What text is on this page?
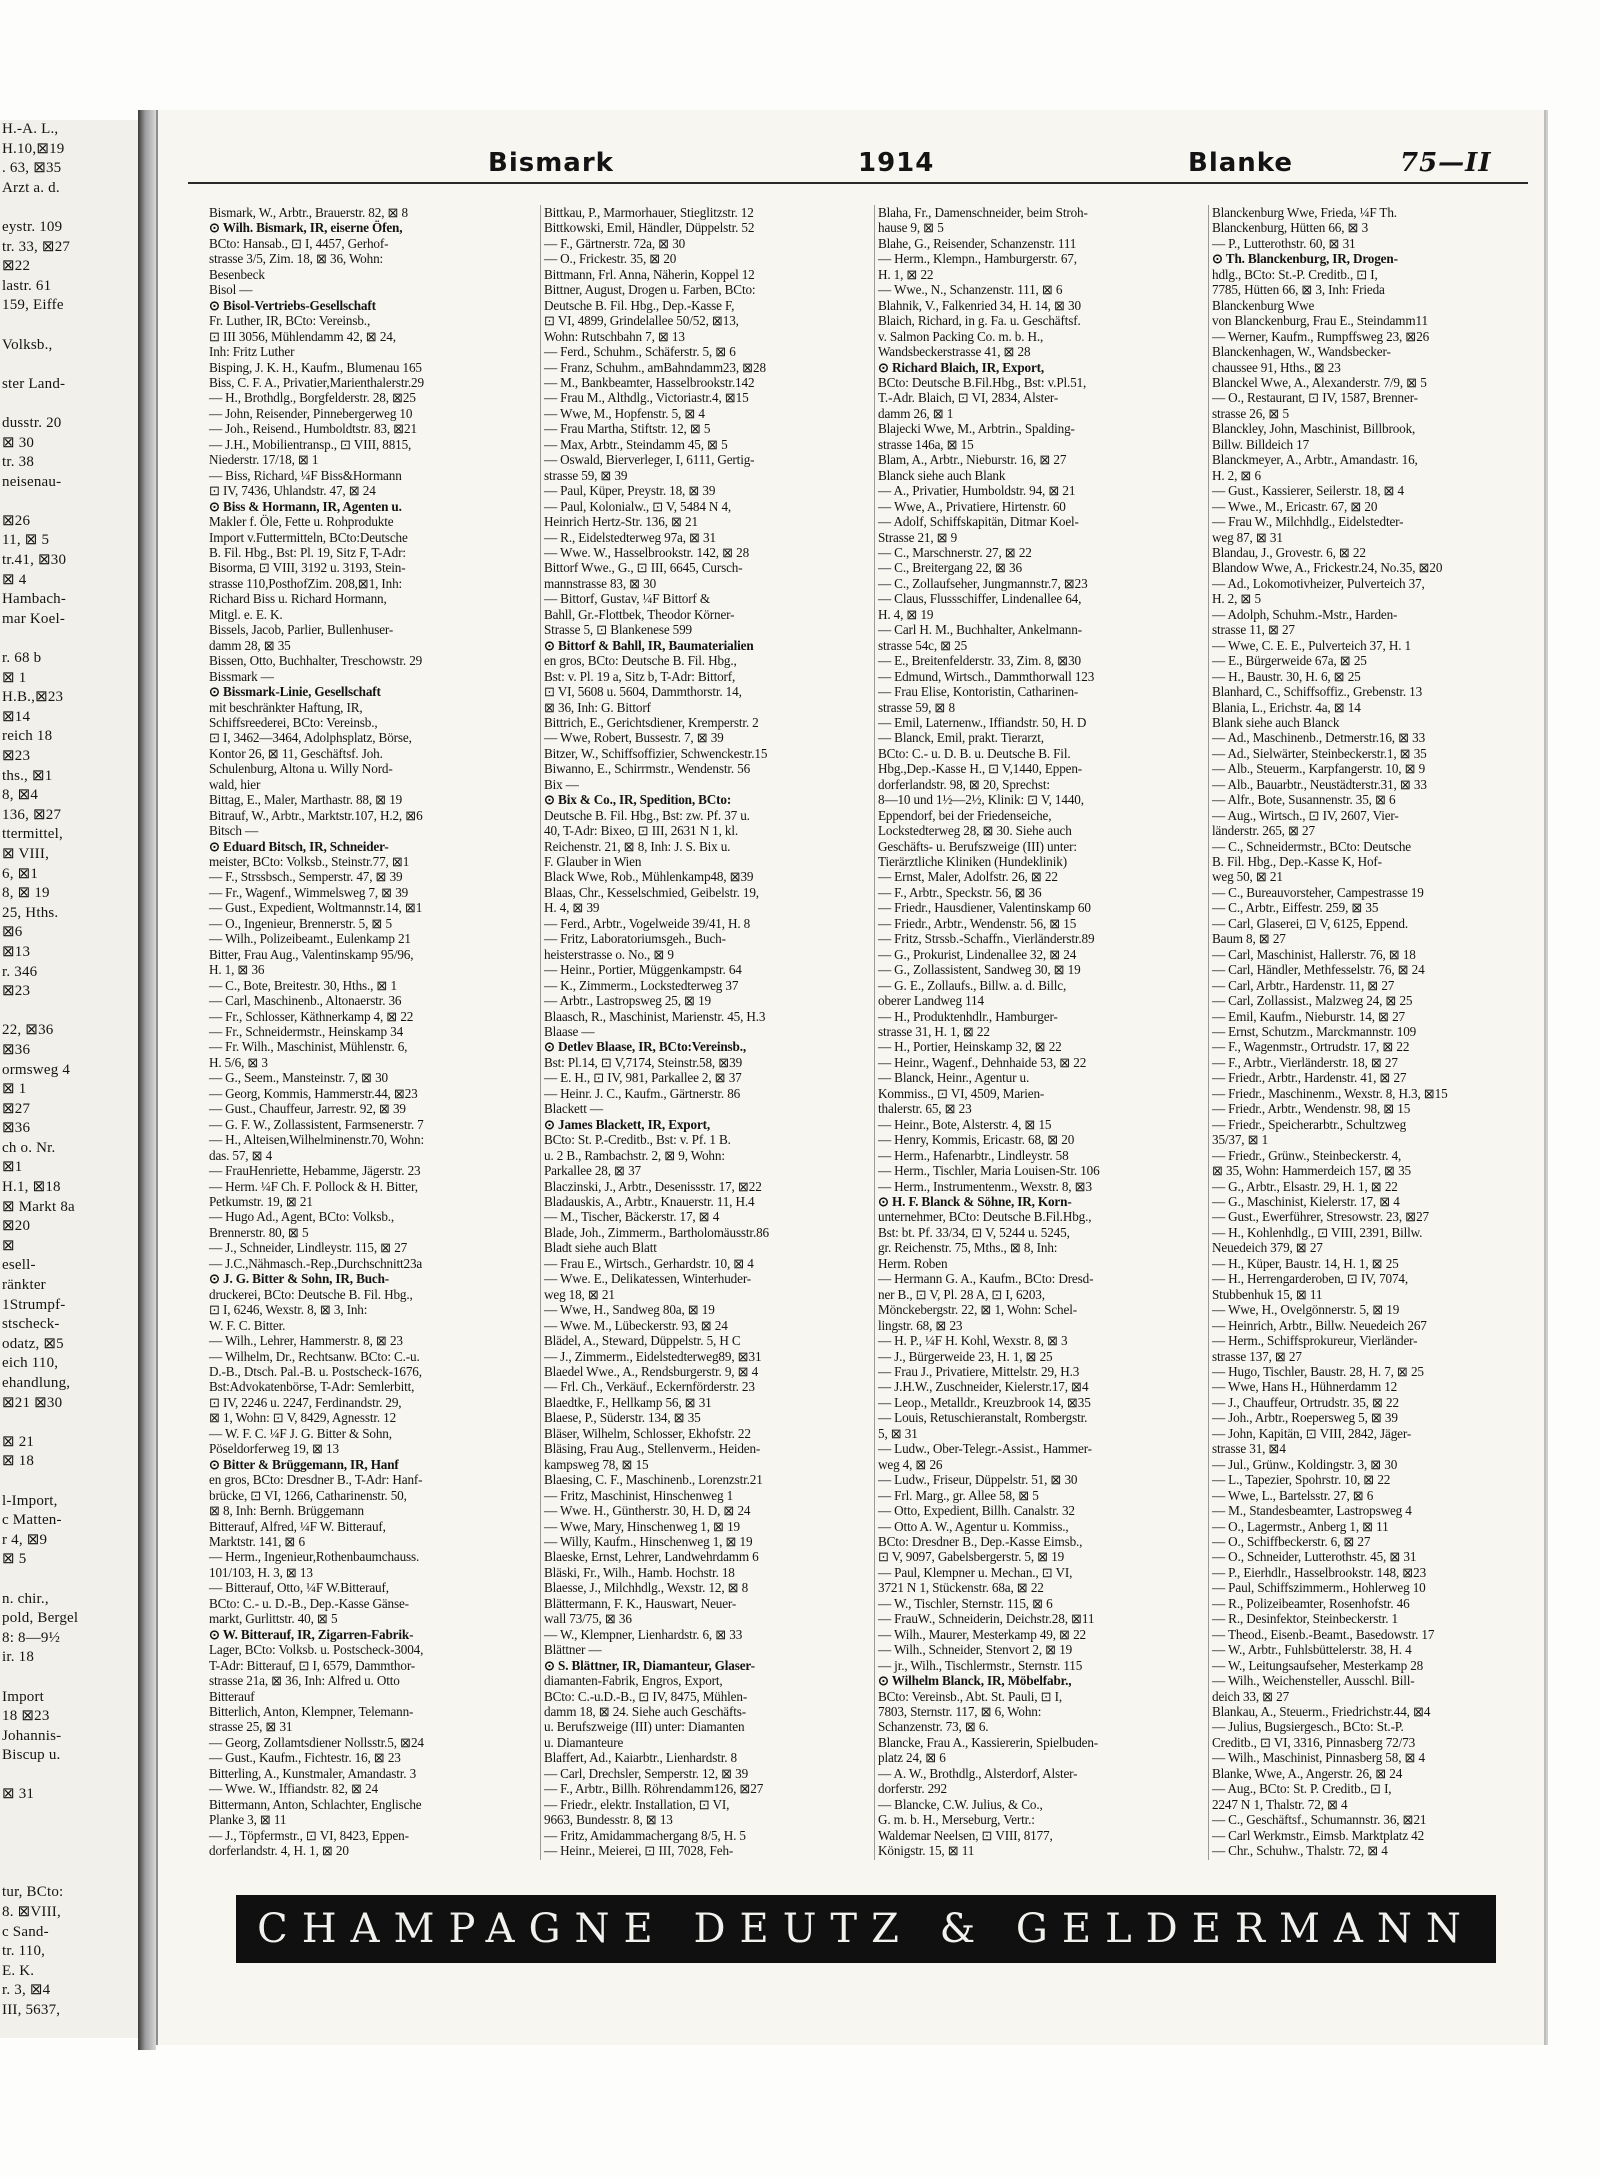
H.-A. L.,
H.10,⊠19
. 63, ⊠35
Arzt a. d.

eystr. 109
tr. 33, ⊠27
⊠22
lastr. 61
159, Eiffe

Volksb.,

ster Land-

dusstr. 20
⊠ 30
tr. 38
neisenau-

⊠26
11, ⊠ 5
tr.41, ⊠30
⊠ 4
Hambach-
mar Koel-

r. 68 b
⊠ 1
H.B.,⊠23
⊠14
reich 18
⊠23
ths., ⊠1
8, ⊠4
136, ⊠27
ttermittel,
⊠ VIII,
6, ⊠1
8, ⊠ 19
25, Hths.
⊠6
⊠13
r. 346
⊠23

22, ⊠36
⊠36
ormsweg 4
⊠ 1
⊠27
⊠36
ch o. Nr.
⊠1
H.1, ⊠18
⊠ Markt 8a
⊠20
⊠
esell-
ränkter
1Strumpf-
stscheck-
odatz, ⊠5
eich 110,
ehandlung,
⊠21 ⊠30

⊠ 21
⊠ 18

l-Import,
c Matten-
r 4, ⊠9
⊠ 5

n. chir.,
pold, Bergel
8: 8—9½
ir. 18

Import
18 ⊠23
Johannis-
Biscup u.

⊠ 31

tur, BCto:
8. ⊠VIII,
c Sand-
tr. 110,
E. K.
r. 3, ⊠4
III, 5637,

Bismark	1914	Blanke	75—II
Bismark, W., Arbtr., Brauerstr. 82, ⊠ 8
⊙ Wilh. Bismark, IR, eiserne Öfen,
BCto: Hansab., ⊡ I, 4457, Gerhof-
strasse 3/5, Zim. 18, ⊠ 36, Wohn:
Besenbeck
Bisol —
⊙ Bisol-Vertriebs-Gesellschaft
Fr. Luther, IR, BCto: Vereinsb.,
⊡ III 3056, Mühlendamm 42, ⊠ 24,
Inh: Fritz Luther
Bisping, J. K. H., Kaufm., Blumenau 165
Biss, C. F. A., Privatier,Marienthalerstr.29
— H., Brothdlg., Borgfelderstr. 28, ⊠25
— John, Reisender, Pinnebergerweg 10
— Joh., Reisend., Humboldtstr. 83, ⊠21
— J.H., Mobilientransp., ⊡ VIII, 8815,
Niederstr. 17/18, ⊠ 1
— Biss, Richard, ¼F Biss&Hormann
⊡ IV, 7436, Uhlandstr. 47, ⊠ 24
⊙ Biss & Hormann, IR, Agenten u.
Makler f. Öle, Fette u. Rohprodukte
Import v.Futtermitteln, BCto:Deutsche
B. Fil. Hbg., Bst: Pl. 19, Sitz F, T-Adr:
Bisorma, ⊡ VIII, 3192 u. 3193, Stein-
strasse 110,PosthofZim. 208,⊠1, Inh:
Richard Biss u. Richard Hormann,
Mitgl. e. E. K.
Bissels, Jacob, Parlier, Bullenhuser-
damm 28, ⊠ 35
Bissen, Otto, Buchhalter, Treschowstr. 29
Bissmark —
⊙ Bissmark-Linie, Gesellschaft
mit beschränkter Haftung, IR,
Schiffsreederei, BCto: Vereinsb.,
⊡ I, 3462—3464, Adolphsplatz, Börse,
Kontor 26, ⊠ 11, Geschäftsf. Joh.
Schulenburg, Altona u. Willy Nord-
wald, hier
Bittag, E., Maler, Marthastr. 88, ⊠ 19
Bitrauf, W., Arbtr., Marktstr.107, H.2, ⊠6
Bitsch —
⊙ Eduard Bitsch, IR, Schneider-
meister, BCto: Volksb., Steinstr.77, ⊠1
— F., Strssbsch., Semperstr. 47, ⊠ 39
— Fr., Wagenf., Wimmelsweg 7, ⊠ 39
— Gust., Expedient, Woltmannstr.14, ⊠1
— O., Ingenieur, Brennerstr. 5, ⊠ 5
— Wilh., Polizeibeamt., Eulenkamp 21
Bitter, Frau Aug., Valentinskamp 95/96,
H. 1, ⊠ 36
— C., Bote, Breitestr. 30, Hths., ⊠ 1
— Carl, Maschinenb., Altonaerstr. 36
— Fr., Schlosser, Käthnerkamp 4, ⊠ 22
— Fr., Schneidermstr., Heinskamp 34
— Fr. Wilh., Maschinist, Mühlenstr. 6,
H. 5/6, ⊠ 3
— G., Seem., Mansteinstr. 7, ⊠ 30
— Georg, Kommis, Hammerstr.44, ⊠23
— Gust., Chauffeur, Jarrestr. 92, ⊠ 39
— G. F. W., Zollassistent, Farmsenerstr. 7
— H., Alteisen,Wilhelminenstr.70, Wohn:
das. 57, ⊠ 4
— FrauHenriette, Hebamme, Jägerstr. 23
— Herm. ¼F Ch. F. Pollock & H. Bitter,
Petkumstr. 19, ⊠ 21
— Hugo Ad., Agent, BCto: Volksb.,
Brennerstr. 80, ⊠ 5
— J., Schneider, Lindleystr. 115, ⊠ 27
— J.C.,Nähmasch.-Rep.,Durchschnitt23a
⊙ J. G. Bitter & Sohn, IR, Buch-
druckerei, BCto: Deutsche B. Fil. Hbg.,
⊡ I, 6246, Wexstr. 8, ⊠ 3, Inh:
W. F. C. Bitter.
— Wilh., Lehrer, Hammerstr. 8, ⊠ 23
— Wilhelm, Dr., Rechtsanw. BCto: C.-u.
D.-B., Dtsch. Pal.-B. u. Postscheck-1676,
Bst:Advokatenbörse, T-Adr: Semlerbitt,
⊡ IV, 2246 u. 2247, Ferdinandstr. 29,
⊠ 1, Wohn: ⊡ V, 8429, Agnesstr. 12
— W. F. C. ¼F J. G. Bitter & Sohn,
Pöseldorferweg 19, ⊠ 13
⊙ Bitter & Brüggemann, IR, Hanf
en gros, BCto: Dresdner B., T-Adr: Hanf-
brücke, ⊡ VI, 1266, Catharinenstr. 50,
⊠ 8, Inh: Bernh. Brüggemann
Bitterauf, Alfred, ¼F W. Bitterauf,
Marktstr. 141, ⊠ 6
— Herm., Ingenieur,Rothenbaumchauss.
101/103, H. 3, ⊠ 13
— Bitterauf, Otto, ¼F W.Bitterauf,
BCto: C.- u. D.-B., Dep.-Kasse Gänse-
markt, Gurlittstr. 40, ⊠ 5
⊙ W. Bitterauf, IR, Zigarren-Fabrik-
Lager, BCto: Volksb. u. Postscheck-3004,
T-Adr: Bitterauf, ⊡ I, 6579, Dammthor-
strasse 21a, ⊠ 36, Inh: Alfred u. Otto
Bitterauf
Bitterlich, Anton, Klempner, Telemann-
strasse 25, ⊠ 31
— Georg, Zollamtsdiener Nollsstr.5, ⊠24
— Gust., Kaufm., Fichtestr. 16, ⊠ 23
Bitterling, A., Kunstmaler, Amandastr. 3
— Wwe. W., Iffiandstr. 82, ⊠ 24
Bittermann, Anton, Schlachter, Englische
Planke 3, ⊠ 11
— J., Töpfermstr., ⊡ VI, 8423, Eppen-
dorferlandstr. 4, H. 1, ⊠ 20
Bittkau, P., Marmorhauer, Stieglitzstr. 12
Bittkowski, Emil, Händler, Düppelstr. 52
— F., Gärtnerstr. 72a, ⊠ 30
— O., Frickestr. 35, ⊠ 20
Bittmann, Frl. Anna, Näherin, Koppel 12
Bittner, August, Drogen u. Farben, BCto:
Deutsche B. Fil. Hbg., Dep.-Kasse F,
⊡ VI, 4899, Grindelallee 50/52, ⊠13,
Wohn: Rutschbahn 7, ⊠ 13
— Ferd., Schuhm., Schäferstr. 5, ⊠ 6
— Franz, Schuhm., amBahndamm23, ⊠28
— M., Bankbeamter, Hasselbrookstr.142
— Frau M., Althdlg., Victoriastr.4, ⊠15
— Wwe, M., Hopfenstr. 5, ⊠ 4
— Frau Martha, Stiftstr. 12, ⊠ 5
— Max, Arbtr., Steindamm 45, ⊠ 5
— Oswald, Bierverleger, I, 6111, Gertig-
strasse 59, ⊠ 39
— Paul, Küper, Preystr. 18, ⊠ 39
— Paul, Kolonialw., ⊡ V, 5484 N 4,
Heinrich Hertz-Str. 136, ⊠ 21
— R., Eidelstedterweg 97a, ⊠ 31
— Wwe. W., Hasselbrookstr. 142, ⊠ 28
Bittorf Wwe., G., ⊡ III, 6645, Cursch-
mannstrasse 83, ⊠ 30
— Bittorf, Gustav, ¼F Bittorf &
Bahll, Gr.-Flottbek, Theodor Körner-
Strasse 5, ⊡ Blankenese 599
⊙ Bittorf & Bahll, IR, Baumaterialien
en gros, BCto: Deutsche B. Fil. Hbg.,
Bst: v. Pl. 19 a, Sitz b, T-Adr: Bittorf,
⊡ VI, 5608 u. 5604, Dammthorstr. 14,
⊠ 36, Inh: G. Bittorf
Bittrich, E., Gerichtsdiener, Kremperstr. 2
— Wwe, Robert, Bussestr. 7, ⊠ 39
Bitzer, W., Schiffsoffizier, Schwenckestr.15
Biwanno, E., Schirrmstr., Wendenstr. 56
Bix —
⊙ Bix & Co., IR, Spedition, BCto:
Deutsche B. Fil. Hbg., Bst: zw. Pf. 37 u.
40, T-Adr: Bixeo, ⊡ III, 2631 N 1, kl.
Reichenstr. 21, ⊠ 8, Inh: J. S. Bix u.
F. Glauber in Wien
Black Wwe, Rob., Mühlenkamp48, ⊠39
Blaas, Chr., Kesselschmied, Geibelstr. 19,
H. 4, ⊠ 39
— Ferd., Arbtr., Vogelweide 39/41, H. 8
— Fritz, Laboratoriumsgeh., Buch-
heisterstrasse o. No., ⊠ 9
— Heinr., Portier, Müggenkampstr. 64
— K., Zimmerm., Lockstedterweg 37
— Arbtr., Lastropsweg 25, ⊠ 19
Blaasch, R., Maschinist, Marienstr. 45, H.3
Blaase —
⊙ Detlev Blaase, IR, BCto:Vereinsb.,
Bst: Pl.14, ⊡ V,7174, Steinstr.58, ⊠39
— E. H., ⊡ IV, 981, Parkallee 2, ⊠ 37
— Heinr. J. C., Kaufm., Gärtnerstr. 86
Blackett —
⊙ James Blackett, IR, Export,
BCto: St. P.-Creditb., Bst: v. Pf. 1 B.
u. 2 B., Rambachstr. 2, ⊠ 9, Wohn:
Parkallee 28, ⊠ 37
Blaczinski, J., Arbtr., Desenissstr. 17, ⊠22
Bladauskis, A., Arbtr., Knauerstr. 11, H.4
— M., Tischer, Bäckerstr. 17, ⊠ 4
Blade, Joh., Zimmerm., Bartholomäusstr.86
Bladt siehe auch Blatt
— Frau E., Wirtsch., Gerhardstr. 10, ⊠ 4
— Wwe. E., Delikatessen, Winterhuder-
weg 18, ⊠ 21
— Wwe, H., Sandweg 80a, ⊠ 19
— Wwe. M., Lübeckerstr. 93, ⊠ 24
Blädel, A., Steward, Düppelstr. 5, H C
— J., Zimmerm., Eidelstedterweg89, ⊠31
Blaedel Wwe., A., Rendsburgerstr. 9, ⊠ 4
— Frl. Ch., Verkäuf., Eckernförderstr. 23
Blaedtke, F., Hellkamp 56, ⊠ 31
Blaese, P., Süderstr. 134, ⊠ 35
Bläser, Wilhelm, Schlosser, Ekhofstr. 22
Bläsing, Frau Aug., Stellenverm., Heiden-
kampsweg 78, ⊠ 15
Blaesing, C. F., Maschinenb., Lorenzstr.21
— Fritz, Maschinist, Hinschenweg 1
— Wwe. H., Güntherstr. 30, H. D, ⊠ 24
— Wwe, Mary, Hinschenweg 1, ⊠ 19
— Willy, Kaufm., Hinschenweg 1, ⊠ 19
Blaeske, Ernst, Lehrer, Landwehrdamm 6
Bläski, Fr., Wilh., Hamb. Hochstr. 18
Blaesse, J., Milchhdlg., Wexstr. 12, ⊠ 8
Blättermann, F. K., Hauswart, Neuer-
wall 73/75, ⊠ 36
— W., Klempner, Lienhardstr. 6, ⊠ 33
Blättner —
⊙ S. Blättner, IR, Diamanteur, Glaser-
diamanten-Fabrik, Engros, Export,
BCto: C.-u.D.-B., ⊡ IV, 8475, Mühlen-
damm 18, ⊠ 24. Siehe auch Geschäfts-
u. Berufszweige (III) unter: Diamanten
u. Diamanteure
Blaffert, Ad., Kaiarbtr., Lienhardstr. 8
— Carl, Drechsler, Semperstr. 12, ⊠ 39
— F., Arbtr., Billh. Röhrendamm126, ⊠27
— Friedr., elektr. Installation, ⊡ VI,
9663, Bundesstr. 8, ⊠ 13
— Fritz, Amidammachergang 8/5, H. 5
— Heinr., Meierei, ⊡ III, 7028, Feh-
Blaha, Fr., Damenschneider, beim Stroh-
hause 9, ⊠ 5
Blahe, G., Reisender, Schanzenstr. 111
— Herm., Klempn., Hamburgerstr. 67,
H. 1, ⊠ 22
— Wwe., N., Schanzenstr. 111, ⊠ 6
Blahnik, V., Falkenried 34, H. 14, ⊠ 30
Blaich, Richard, in g. Fa. u. Geschäftsf.
v. Salmon Packing Co. m. b. H.,
Wandsbeckerstrasse 41, ⊠ 28
⊙ Richard Blaich, IR, Export,
BCto: Deutsche B.Fil.Hbg., Bst: v.Pl.51,
T.-Adr. Blaich, ⊡ VI, 2834, Alster-
damm 26, ⊠ 1
Blajecki Wwe, M., Arbtrin., Spalding-
strasse 146a, ⊠ 15
Blam, A., Arbtr., Nieburstr. 16, ⊠ 27
Blanck siehe auch Blank
— A., Privatier, Humboldstr. 94, ⊠ 21
— Wwe, A., Privatiere, Hirtenstr. 60
— Adolf, Schiffskapitän, Ditmar Koel-
Strasse 21, ⊠ 9
— C., Marschnerstr. 27, ⊠ 22
— C., Breitergang 22, ⊠ 36
— C., Zollaufseher, Jungmannstr.7, ⊠23
— Claus, Flussschiffer, Lindenallee 64,
H. 4, ⊠ 19
— Carl H. M., Buchhalter, Ankelmann-
strasse 54c, ⊠ 25
— E., Breitenfelderstr. 33, Zim. 8, ⊠30
— Edmund, Wirtsch., Dammthorwall 123
— Frau Elise, Kontoristin, Catharinen-
strasse 59, ⊠ 8
— Emil, Laternenw., Iffiandstr. 50, H. D
— Blanck, Emil, prakt. Tierarzt,
BCto: C.- u. D. B. u. Deutsche B. Fil.
Hbg.,Dep.-Kasse H., ⊡ V,1440, Eppen-
dorferlandstr. 98, ⊠ 20, Sprechst:
8—10 und 1½—2½, Klinik: ⊡ V, 1440,
Eppendorf, bei der Friedenseiche,
Lockstedterweg 28, ⊠ 30. Siehe auch
Geschäfts- u. Berufszweige (III) unter:
Tierärztliche Kliniken (Hundeklinik)
— Ernst, Maler, Adolfstr. 26, ⊠ 22
— F., Arbtr., Speckstr. 56, ⊠ 36
— Friedr., Hausdiener, Valentinskamp 60
— Friedr., Arbtr., Wendenstr. 56, ⊠ 15
— Fritz, Strssb.-Schaffn., Vierländerstr.89
— G., Prokurist, Lindenallee 32, ⊠ 24
— G., Zollassistent, Sandweg 30, ⊠ 19
— G. E., Zollaufs., Billw. a. d. Billc,
oberer Landweg 114
— H., Produktenhdlr., Hamburger-
strasse 31, H. 1, ⊠ 22
— H., Portier, Heinskamp 32, ⊠ 22
— Heinr., Wagenf., Dehnhaide 53, ⊠ 22
— Blanck, Heinr., Agentur u.
Kommiss., ⊡ VI, 4509, Marien-
thalerstr. 65, ⊠ 23
— Heinr., Bote, Alsterstr. 4, ⊠ 15
— Henry, Kommis, Ericastr. 68, ⊠ 20
— Herm., Hafenarbtr., Lindleystr. 58
— Herm., Tischler, Maria Louisen-Str. 106
— Herm., Instrumentenm., Wexstr. 8, ⊠3
⊙ H. F. Blanck & Söhne, IR, Korn-
unternehmer, BCto: Deutsche B.Fil.Hbg.,
Bst: bt. Pf. 33/34, ⊡ V, 5244 u. 5245,
gr. Reichenstr. 75, Mths., ⊠ 8, Inh:
Herm. Roben
— Hermann G. A., Kaufm., BCto: Dresd-
ner B., ⊡ V, Pl. 28 A, ⊡ I, 6203,
Mönckebergstr. 22, ⊠ 1, Wohn: Schel-
lingstr. 68, ⊠ 23
— H. P., ¼F H. Kohl, Wexstr. 8, ⊠ 3
— J., Bürgerweide 23, H. 1, ⊠ 25
— Frau J., Privatiere, Mittelstr. 29, H.3
— J.H.W., Zuschneider, Kielerstr.17, ⊠4
— Leop., Metalldr., Kreuzbrook 14, ⊠35
— Louis, Retuschieranstalt, Rombergstr.
5, ⊠ 31
— Ludw., Ober-Telegr.-Assist., Hammer-
weg 4, ⊠ 26
— Ludw., Friseur, Düppelstr. 51, ⊠ 30
— Frl. Marg., gr. Allee 58, ⊠ 5
— Otto, Expedient, Billh. Canalstr. 32
— Otto A. W., Agentur u. Kommiss.,
BCto: Dresdner B., Dep.-Kasse Eimsb.,
⊡ V, 9097, Gabelsbergerstr. 5, ⊠ 19
— Paul, Klempner u. Mechan., ⊡ VI,
3721 N 1, Stückenstr. 68a, ⊠ 22
— W., Tischler, Sternstr. 115, ⊠ 6
— FrauW., Schneiderin, Deichstr.28, ⊠11
— Wilh., Maurer, Mesterkamp 49, ⊠ 22
— Wilh., Schneider, Stenvort 2, ⊠ 19
— jr., Wilh., Tischlermstr., Sternstr. 115
⊙ Wilhelm Blanck, IR, Möbelfabr.,
BCto: Vereinsb., Abt. St. Pauli, ⊡ I,
7803, Sternstr. 117, ⊠ 6, Wohn:
Schanzenstr. 73, ⊠ 6.
Blancke, Frau A., Kassiererin, Spielbuden-
platz 24, ⊠ 6
— A. W., Brothdlg., Alsterdorf, Alster-
dorferstr. 292
— Blancke, C.W. Julius, & Co.,
G. m. b. H., Merseburg, Vertr.:
Waldemar Neelsen, ⊡ VIII, 8177,
Königstr. 15, ⊠ 11
Blanckenburg Wwe, Frieda, ¼F Th.
Blanckenburg, Hütten 66, ⊠ 3
— P., Lutterothstr. 60, ⊠ 31
⊙ Th. Blanckenburg, IR, Drogen-
hdlg., BCto: St.-P. Creditb., ⊡ I,
7785, Hütten 66, ⊠ 3, Inh: Frieda
Blanckenburg Wwe
von Blanckenburg, Frau E., Steindamm11
— Werner, Kaufm., Rumpffsweg 23, ⊠26
Blanckenhagen, W., Wandsbecker-
chaussee 91, Hths., ⊠ 23
Blanckel Wwe, A., Alexanderstr. 7/9, ⊠ 5
— O., Restaurant, ⊡ IV, 1587, Brenner-
strasse 26, ⊠ 5
Blanckley, John, Maschinist, Billbrook,
Billw. Billdeich 17
Blanckmeyer, A., Arbtr., Amandastr. 16,
H. 2, ⊠ 6
— Gust., Kassierer, Seilerstr. 18, ⊠ 4
— Wwe., M., Ericastr. 67, ⊠ 20
— Frau W., Milchhdlg., Eidelstedter-
weg 87, ⊠ 31
Blandau, J., Grovestr. 6, ⊠ 22
Blandow Wwe, A., Frickestr.24, No.35, ⊠20
— Ad., Lokomotivheizer, Pulverteich 37,
H. 2, ⊠ 5
— Adolph, Schuhm.-Mstr., Harden-
strasse 11, ⊠ 27
— Wwe, C. E. E., Pulverteich 37, H. 1
— E., Bürgerweide 67a, ⊠ 25
— H., Baustr. 30, H. 6, ⊠ 25
Blanhard, C., Schiffsoffiz., Grebenstr. 13
Blania, L., Erichstr. 4a, ⊠ 14
Blank siehe auch Blanck
— Ad., Maschinenb., Detmerstr.16, ⊠ 33
— Ad., Sielwärter, Steinbeckerstr.1, ⊠ 35
— Alb., Steuerm., Karpfangerstr. 10, ⊠ 9
— Alb., Bauarbtr., Neustädterstr.31, ⊠ 33
— Alfr., Bote, Susannenstr. 35, ⊠ 6
— Aug., Wirtsch., ⊡ IV, 2607, Vier-
länderstr. 265, ⊠ 27
— C., Schneidermstr., BCto: Deutsche
B. Fil. Hbg., Dep.-Kasse K, Hof-
weg 50, ⊠ 21
— C., Bureauvorsteher, Campestrasse 19
— C., Arbtr., Eiffestr. 259, ⊠ 35
— Carl, Glaserei, ⊡ V, 6125, Eppend.
Baum 8, ⊠ 27
— Carl, Maschinist, Hallerstr. 76, ⊠ 18
— Carl, Händler, Methfesselstr. 76, ⊠ 24
— Carl, Arbtr., Hardenstr. 11, ⊠ 27
— Carl, Zollassist., Malzweg 24, ⊠ 25
— Emil, Kaufm., Nieburstr. 14, ⊠ 27
— Ernst, Schutzm., Marckmannstr. 109
— F., Wagenmstr., Ortrudstr. 17, ⊠ 22
— F., Arbtr., Vierländerstr. 18, ⊠ 27
— Friedr., Arbtr., Hardenstr. 41, ⊠ 27
— Friedr., Maschinenm., Wexstr. 8, H.3, ⊠15
— Friedr., Arbtr., Wendenstr. 98, ⊠ 15
— Friedr., Speicherarbtr., Schultzweg
35/37, ⊠ 1
— Friedr., Grünw., Steinbeckerstr. 4,
⊠ 35, Wohn: Hammerdeich 157, ⊠ 35
— G., Arbtr., Elsastr. 29, H. 1, ⊠ 22
— G., Maschinist, Kielerstr. 17, ⊠ 4
— Gust., Ewerführer, Stresowstr. 23, ⊠27
— H., Kohlenhdlg., ⊡ VIII, 2391, Billw.
Neuedeich 379, ⊠ 27
— H., Küper, Baustr. 14, H. 1, ⊠ 25
— H., Herrengarderoben, ⊡ IV, 7074,
Stubbenhuk 15, ⊠ 11
— Wwe, H., Ovelgönnerstr. 5, ⊠ 19
— Heinrich, Arbtr., Billw. Neuedeich 267
— Herm., Schiffsprokureur, Vierländer-
strasse 137, ⊠ 27
— Hugo, Tischler, Baustr. 28, H. 7, ⊠ 25
— Wwe, Hans H., Hühnerdamm 12
— J., Chauffeur, Ortrudstr. 35, ⊠ 22
— Joh., Arbtr., Roepersweg 5, ⊠ 39
— John, Kapitän, ⊡ VIII, 2842, Jäger-
strasse 31, ⊠4
— Jul., Grünw., Koldingstr. 3, ⊠ 30
— L., Tapezier, Spohrstr. 10, ⊠ 22
— Wwe, L., Bartelsstr. 27, ⊠ 6
— M., Standesbeamter, Lastropsweg 4
— O., Lagermstr., Anberg 1, ⊠ 11
— O., Schiffbeckerstr. 6, ⊠ 27
— O., Schneider, Lutterothstr. 45, ⊠ 31
— P., Eierhdlr., Hasselbrookstr. 148, ⊠23
— Paul, Schiffszimmerm., Hohlerweg 10
— R., Polizeibeamter, Rosenhofstr. 46
— R., Desinfektor, Steinbeckerstr. 1
— Theod., Eisenb.-Beamt., Basedowstr. 17
— W., Arbtr., Fuhlsbüttelerstr. 38, H. 4
— W., Leitungsaufseher, Mesterkamp 28
— Wilh., Weichensteller, Ausschl. Bill-
deich 33, ⊠ 27
Blankau, A., Steuerm., Friedrichstr.44, ⊠4
— Julius, Bugsiergesch., BCto: St.-P.
Creditb., ⊡ VI, 3316, Pinnasberg 72/73
— Wilh., Maschinist, Pinnasberg 58, ⊠ 4
Blanke, Wwe, A., Angerstr. 26, ⊠ 24
— Aug., BCto: St. P. Creditb., ⊡ I,
2247 N 1, Thalstr. 72, ⊠ 4
— C., Geschäftsf., Schumannstr. 36, ⊠21
— Carl Werkmstr., Eimsb. Marktplatz 42
— Chr., Schuhw., Thalstr. 72, ⊠ 4
CHAMPAGNE DEUTZ & GELDERMANN
